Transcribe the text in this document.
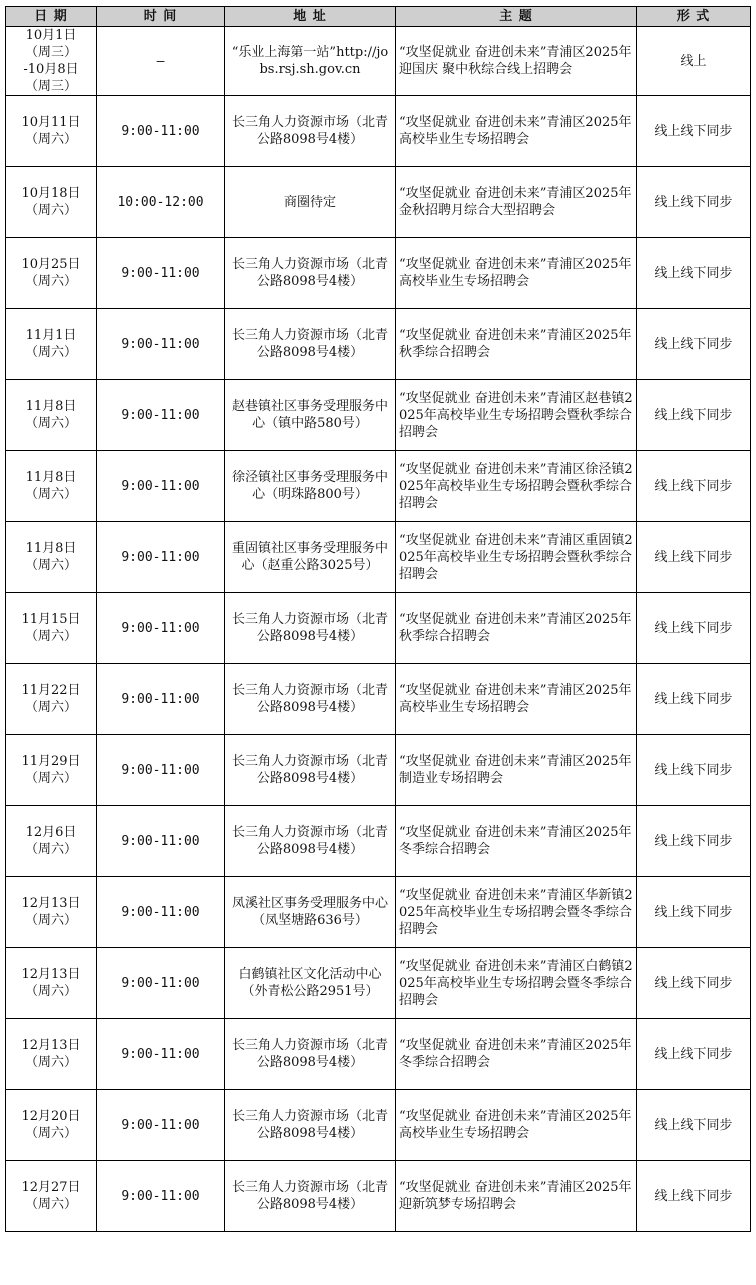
日 期	时 间	地 址	主 题	形 式

10月1日
（周三）
-10月8日
（周三）	–	“乐业上海第一站”http://jobs.rsj.sh.gov.cn	“攻坚促就业 奋进创未来”青浦区2025年迎国庆 聚中秋综合线上招聘会	线上

10月11日
（周六）	9:00-11:00	长三角人力资源市场（北青公路8098号4楼）	“攻坚促就业 奋进创未来”青浦区2025年高校毕业生专场招聘会	线上线下同步

10月18日
（周六）	10:00-12:00	商圈待定	“攻坚促就业 奋进创未来”青浦区2025年金秋招聘月综合大型招聘会	线上线下同步

10月25日
（周六）	9:00-11:00	长三角人力资源市场（北青公路8098号4楼）	“攻坚促就业 奋进创未来”青浦区2025年高校毕业生专场招聘会	线上线下同步

11月1日
（周六）	9:00-11:00	长三角人力资源市场（北青公路8098号4楼）	“攻坚促就业 奋进创未来”青浦区2025年秋季综合招聘会	线上线下同步

11月8日
（周六）	9:00-11:00	赵巷镇社区事务受理服务中心（镇中路580号）	“攻坚促就业 奋进创未来”青浦区赵巷镇2025年高校毕业生专场招聘会暨秋季综合招聘会	线上线下同步

11月8日
（周六）	9:00-11:00	徐泾镇社区事务受理服务中心（明珠路800号）	“攻坚促就业 奋进创未来”青浦区徐泾镇2025年高校毕业生专场招聘会暨秋季综合招聘会	线上线下同步

11月8日
（周六）	9:00-11:00	重固镇社区事务受理服务中心（赵重公路3025号）	“攻坚促就业 奋进创未来”青浦区重固镇2025年高校毕业生专场招聘会暨秋季综合招聘会	线上线下同步

11月15日
（周六）	9:00-11:00	长三角人力资源市场（北青公路8098号4楼）	“攻坚促就业 奋进创未来”青浦区2025年秋季综合招聘会	线上线下同步

11月22日
（周六）	9:00-11:00	长三角人力资源市场（北青公路8098号4楼）	“攻坚促就业 奋进创未来”青浦区2025年高校毕业生专场招聘会	线上线下同步

11月29日
（周六）	9:00-11:00	长三角人力资源市场（北青公路8098号4楼）	“攻坚促就业 奋进创未来”青浦区2025年制造业专场招聘会	线上线下同步

12月6日
（周六）	9:00-11:00	长三角人力资源市场（北青公路8098号4楼）	“攻坚促就业 奋进创未来”青浦区2025年冬季综合招聘会	线上线下同步

12月13日
（周六）	9:00-11:00	凤溪社区事务受理服务中心（凤坚塘路636号）	“攻坚促就业 奋进创未来”青浦区华新镇2025年高校毕业生专场招聘会暨冬季综合招聘会	线上线下同步

12月13日
（周六）	9:00-11:00	白鹤镇社区文化活动中心（外青松公路2951号）	“攻坚促就业 奋进创未来”青浦区白鹤镇2025年高校毕业生专场招聘会暨冬季综合招聘会	线上线下同步

12月13日
（周六）	9:00-11:00	长三角人力资源市场（北青公路8098号4楼）	“攻坚促就业 奋进创未来”青浦区2025年冬季综合招聘会	线上线下同步

12月20日
（周六）	9:00-11:00	长三角人力资源市场（北青公路8098号4楼）	“攻坚促就业 奋进创未来”青浦区2025年高校毕业生专场招聘会	线上线下同步

12月27日
（周六）	9:00-11:00	长三角人力资源市场（北青公路8098号4楼）	“攻坚促就业 奋进创未来”青浦区2025年迎新筑梦专场招聘会	线上线下同步
